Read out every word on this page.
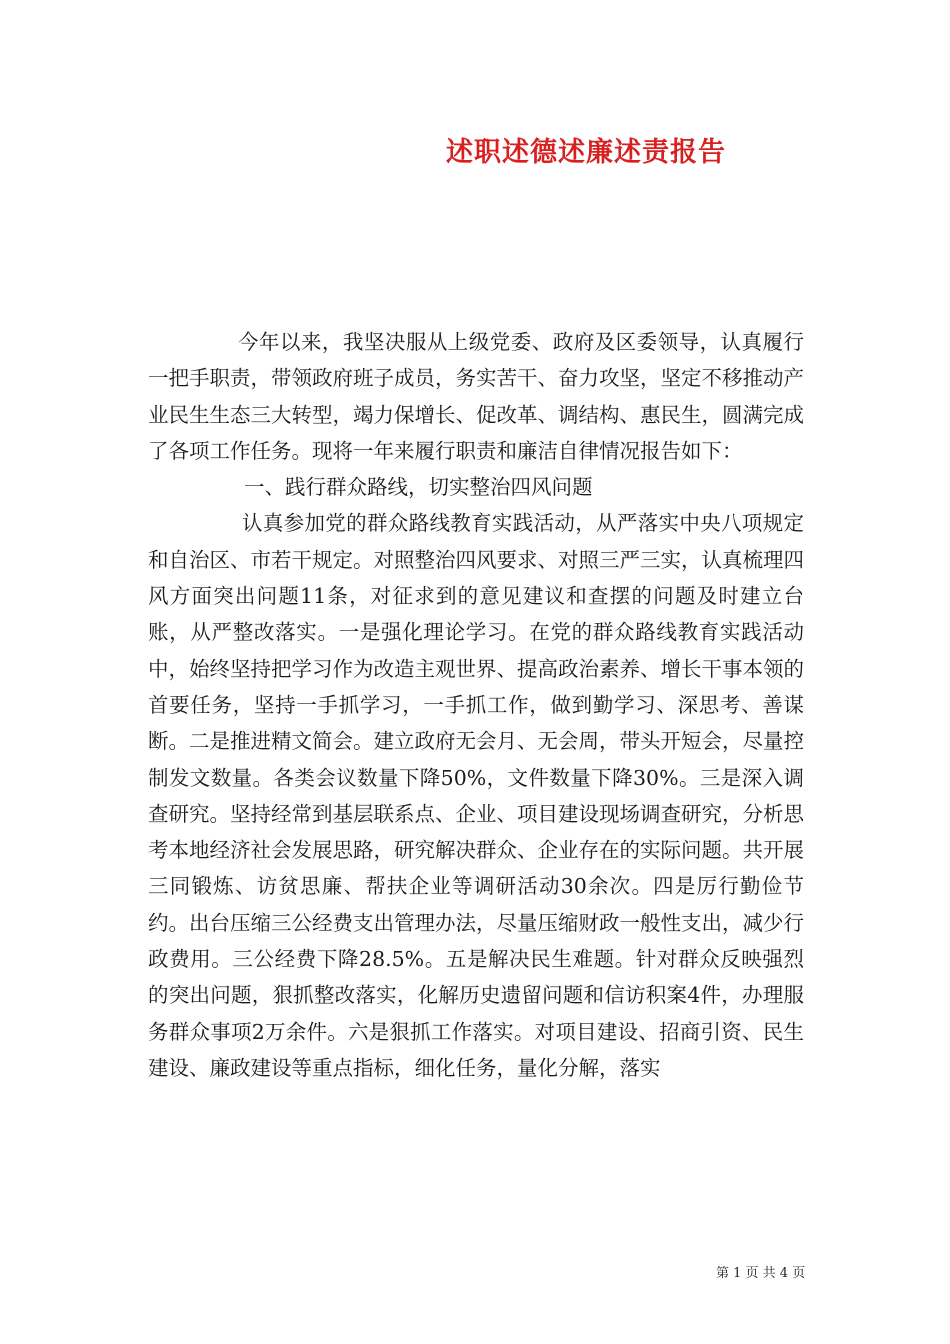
述职述德述廉述责报告

今年以来，我坚决服从上级党委、政府及区委领导，认真履行一把手职责，带领政府班子成员，务实苦干、奋力攻坚，坚定不移推动产业民生生态三大转型，竭力保增长、促改革、调结构、惠民生，圆满完成了各项工作任务。现将一年来履行职责和廉洁自律情况报告如下：

一、践行群众路线，切实整治四风问题

认真参加党的群众路线教育实践活动，从严落实中央八项规定和自治区、市若干规定。对照整治四风要求、对照三严三实，认真梳理四风方面突出问题11条，对征求到的意见建议和查摆的问题及时建立台账，从严整改落实。一是强化理论学习。在党的群众路线教育实践活动中，始终坚持把学习作为改造主观世界、提高政治素养、增长干事本领的首要任务，坚持一手抓学习，一手抓工作，做到勤学习、深思考、善谋断。二是推进精文简会。建立政府无会月、无会周，带头开短会，尽量控制发文数量。各类会议数量下降50%，文件数量下降30%。三是深入调查研究。坚持经常到基层联系点、企业、项目建设现场调查研究，分析思考本地经济社会发展思路，研究解决群众、企业存在的实际问题。共开展三同锻炼、访贫思廉、帮扶企业等调研活动30余次。四是厉行勤俭节约。出台压缩三公经费支出管理办法，尽量压缩财政一般性支出，减少行政费用。三公经费下降28.5%。五是解决民生难题。针对群众反映强烈的突出问题，狠抓整改落实，化解历史遗留问题和信访积案4件，办理服务群众事项2万余件。六是狠抓工作落实。对项目建设、招商引资、民生建设、廉政建设等重点指标，细化任务，量化分解，落实

第 1 页 共 4 页
